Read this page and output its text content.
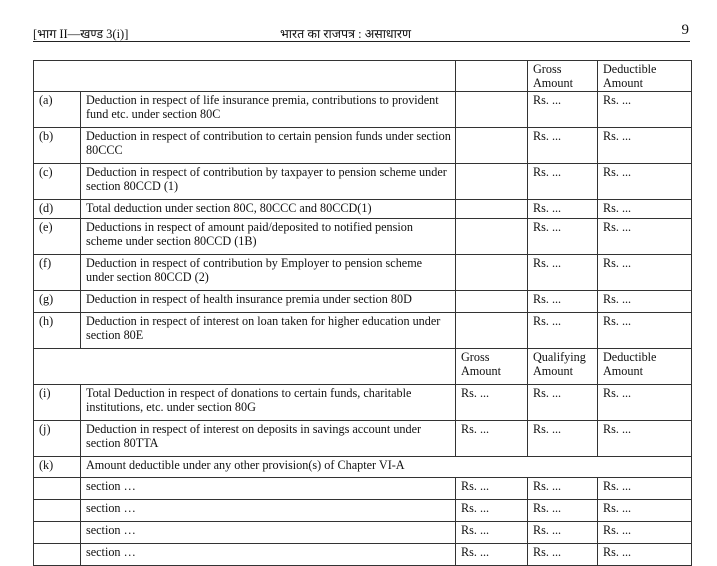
[भाग II—खण्ड 3(i)]	भारत का राजपत्र : असाधारण	9
			Gross Amount	Deductible Amount
(a)	Deduction in respect of life insurance premia, contributions to provident fund etc. under section 80C		Rs. ...	Rs. ...
(b)	Deduction in respect of contribution to certain pension funds under section 80CCC		Rs. ...	Rs. ...
(c)	Deduction in respect of contribution by taxpayer to pension scheme under section 80CCD (1)		Rs. ...	Rs. ...
(d)	Total deduction under section 80C, 80CCC and 80CCD(1)		Rs. ...	Rs. ...
(e)	Deductions in respect of amount paid/deposited to notified pension scheme under section 80CCD (1B)		Rs. ...	Rs. ...
(f)	Deduction in respect of contribution by Employer to pension scheme under section 80CCD (2)		Rs. ...	Rs. ...
(g)	Deduction in respect of health insurance premia under section 80D		Rs. ...	Rs. ...
(h)	Deduction in respect of interest on loan taken for higher education under section 80E		Rs. ...	Rs. ...
		Gross Amount	Qualifying Amount	Deductible Amount
(i)	Total Deduction in respect of donations to certain funds, charitable institutions, etc. under section 80G	Rs. ...	Rs. ...	Rs. ...
(j)	Deduction in respect of interest on deposits in savings account under section 80TTA	Rs. ...	Rs. ...	Rs. ...
(k)	Amount deductible under any other provision(s) of Chapter VI-A			
	section …	Rs. ...	Rs. ...	Rs. ...
	section …	Rs. ...	Rs. ...	Rs. ...
	section …	Rs. ...	Rs. ...	Rs. ...
	section …	Rs. ...	Rs. ...	Rs. ...
